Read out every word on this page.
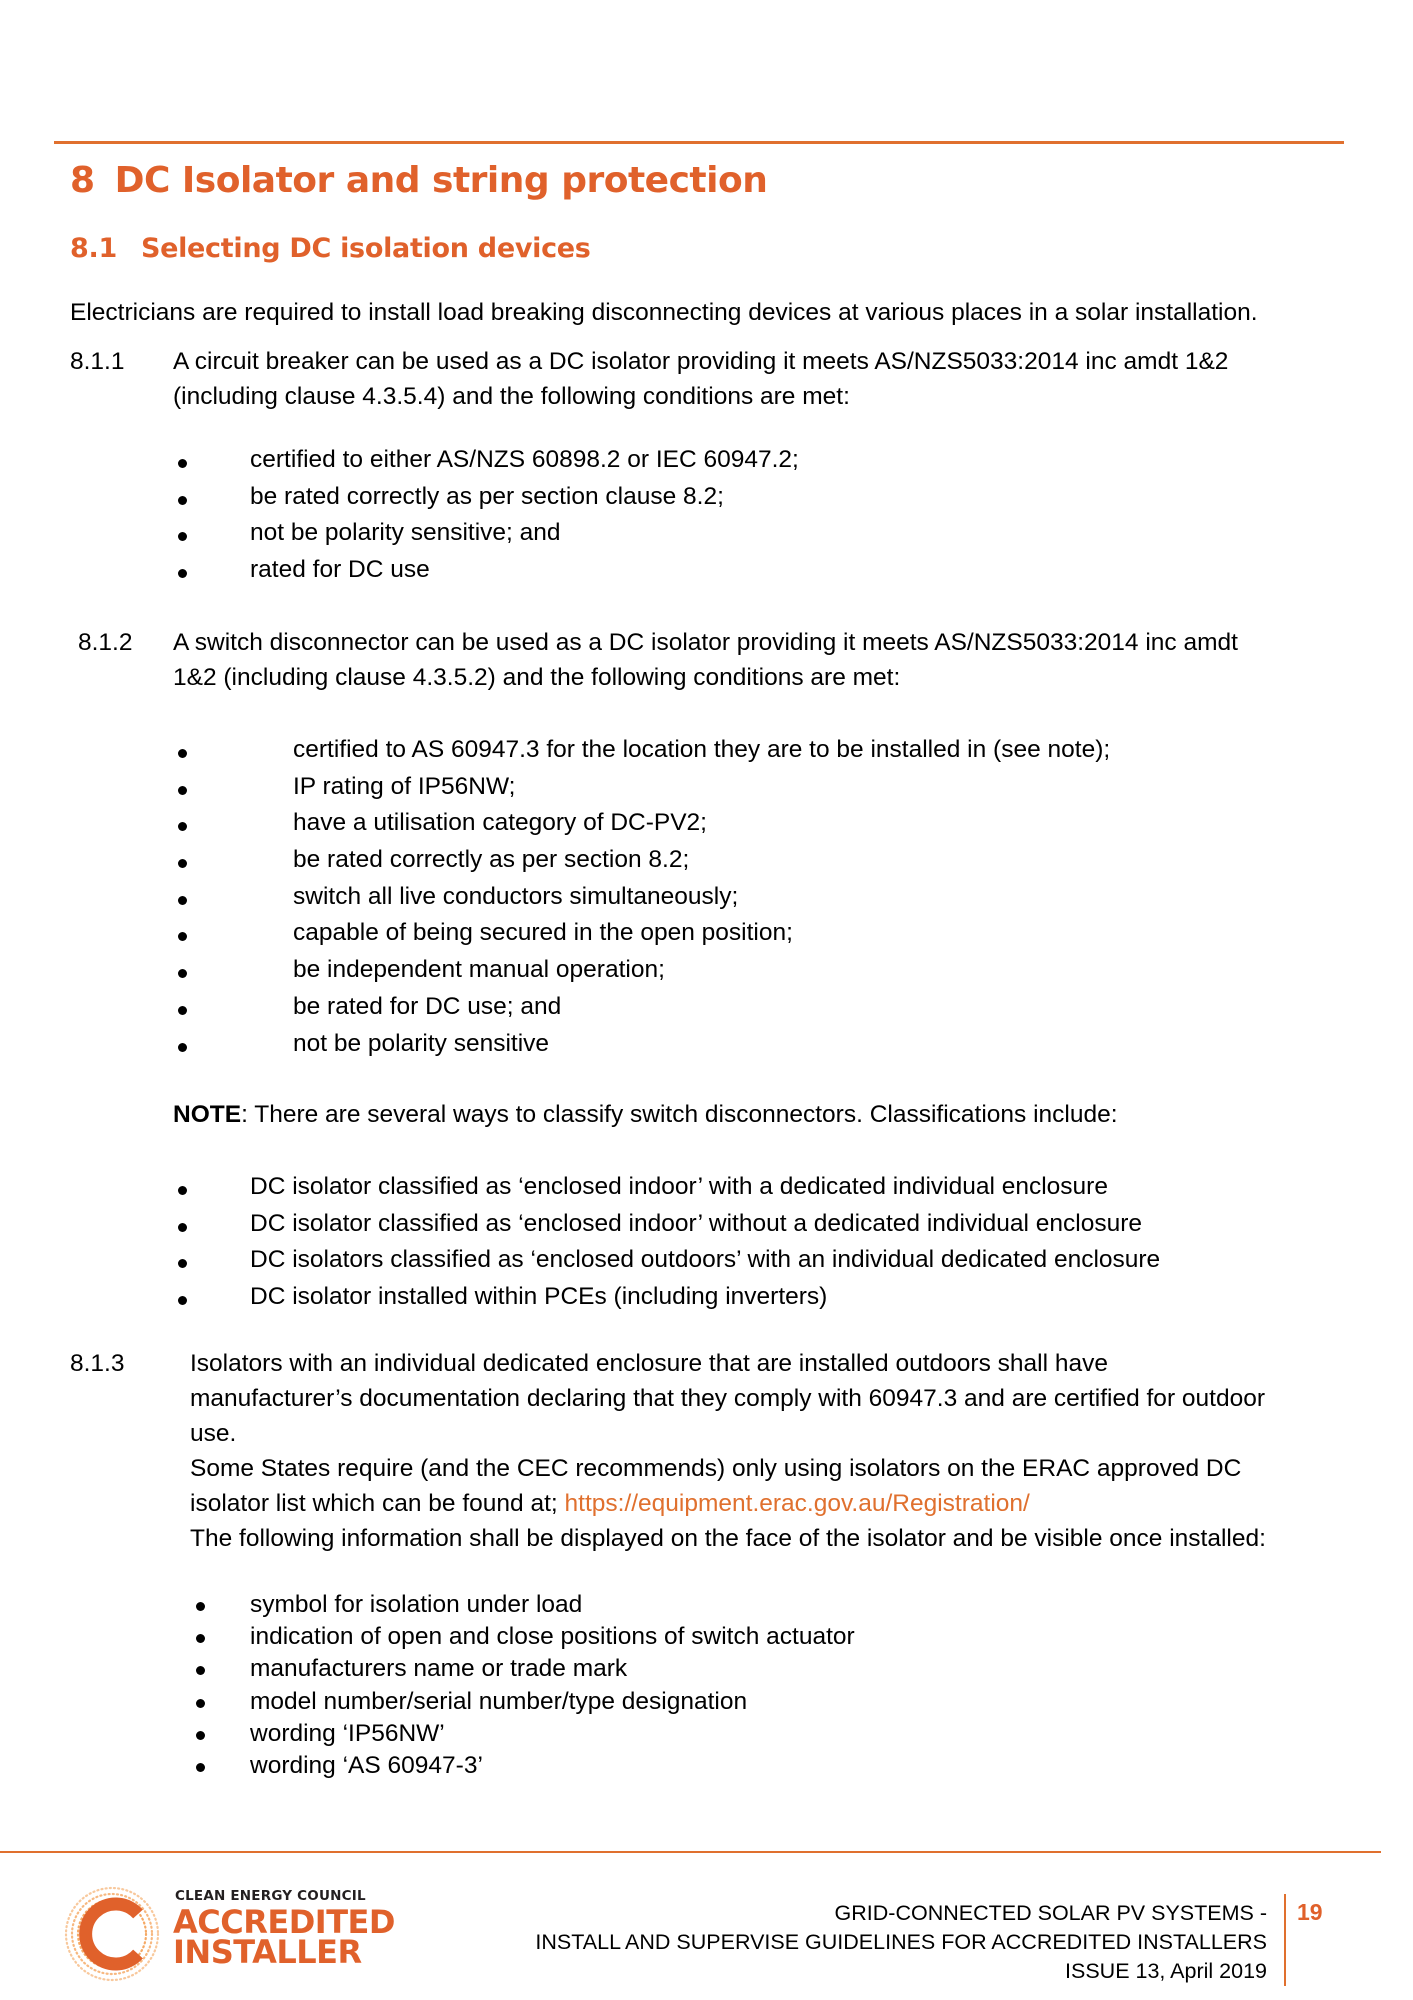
8 DC Isolator and string protection
8.1 Selecting DC isolation devices
Electricians are required to install load breaking disconnecting devices at various places in a solar installation.
8.1.1 A circuit breaker can be used as a DC isolator providing it meets AS/NZS5033:2014 inc amdt 1&2
(including clause 4.3.5.4) and the following conditions are met:
certified to either AS/NZS 60898.2 or IEC 60947.2;
be rated correctly as per section clause 8.2;
not be polarity sensitive; and
rated for DC use
8.1.2 A switch disconnector can be used as a DC isolator providing it meets AS/NZS5033:2014 inc amdt
1&2 (including clause 4.3.5.2) and the following conditions are met:
certified to AS 60947.3 for the location they are to be installed in (see note);
IP rating of IP56NW;
have a utilisation category of DC-PV2;
be rated correctly as per section 8.2;
switch all live conductors simultaneously;
capable of being secured in the open position;
be independent manual operation;
be rated for DC use; and
not be polarity sensitive
NOTE: There are several ways to classify switch disconnectors. Classifications include:
DC isolator classified as ‘enclosed indoor’ with a dedicated individual enclosure
DC isolator classified as ‘enclosed indoor’ without a dedicated individual enclosure
DC isolators classified as ‘enclosed outdoors’ with an individual dedicated enclosure
DC isolator installed within PCEs (including inverters)
8.1.3	Isolators with an individual dedicated enclosure that are installed outdoors shall have
manufacturer’s documentation declaring that they comply with 60947.3 and are certified for outdoor
use.
Some States require (and the CEC recommends) only using isolators on the ERAC approved DC
isolator list which can be found at; https://equipment.erac.gov.au/Registration/
The following information shall be displayed on the face of the isolator and be visible once installed:
symbol for isolation under load
indication of open and close positions of switch actuator
manufacturers name or trade mark
model number/serial number/type designation
wording ‘IP56NW’
wording ‘AS 60947-3’
CLEAN ENERGY COUNCIL
ACCREDITED
INSTALLER
GRID-CONNECTED SOLAR PV SYSTEMS -
INSTALL AND SUPERVISE GUIDELINES FOR ACCREDITED INSTALLERS
ISSUE 13, April 2019
19
